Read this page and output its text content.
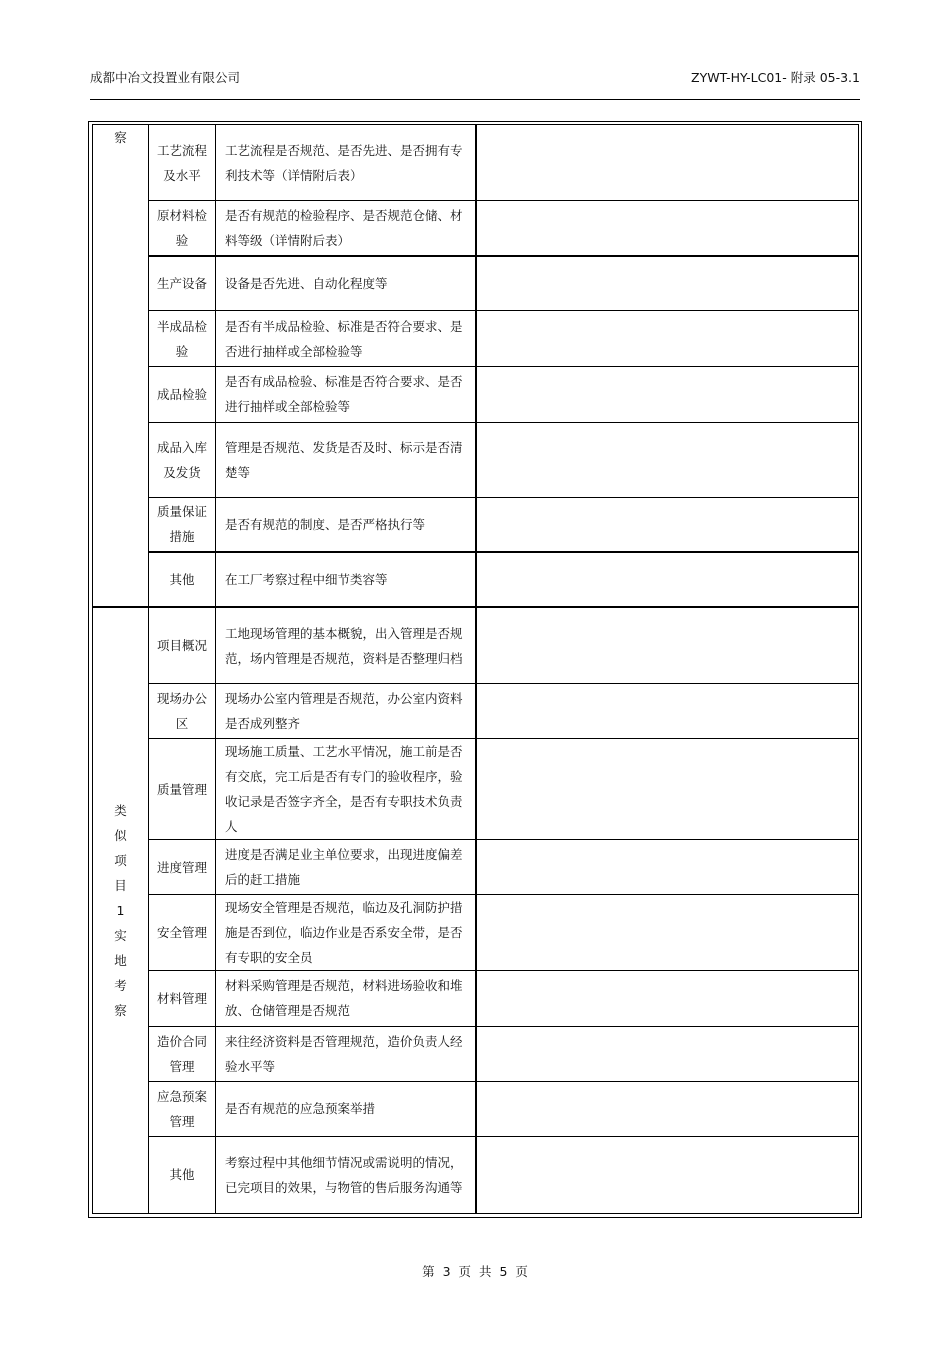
成都中冶文投置业有限公司	ZYWT-HY-LC01- 附录 05-3.1
察	工艺流程及水平	工艺流程是否规范、是否先进、是否拥有专利技术等（详情附后表）	
	原材料检验	是否有规范的检验程序、是否规范仓储、材料等级（详情附后表）	
	生产设备	设备是否先进、自动化程度等	
	半成品检验	是否有半成品检验、标准是否符合要求、是否进行抽样或全部检验等	
	成品检验	是否有成品检验、标准是否符合要求、是否进行抽样或全部检验等	
	成品入库及发货	管理是否规范、发货是否及时、标示是否清楚等	
	质量保证措施	是否有规范的制度、是否严格执行等	
	其他	在工厂考察过程中细节类容等	
类似项目1实地考察	项目概况	工地现场管理的基本概貌，出入管理是否规范，场内管理是否规范，资料是否整理归档	
	现场办公区	现场办公室内管理是否规范，办公室内资料是否成列整齐	
	质量管理	现场施工质量、工艺水平情况，施工前是否有交底，完工后是否有专门的验收程序，验收记录是否签字齐全，是否有专职技术负责人	
	进度管理	进度是否满足业主单位要求，出现进度偏差后的赶工措施	
	安全管理	现场安全管理是否规范，临边及孔洞防护措施是否到位，临边作业是否系安全带，是否有专职的安全员	
	材料管理	材料采购管理是否规范，材料进场验收和堆放、仓储管理是否规范	
	造价合同管理	来往经济资料是否管理规范，造价负责人经验水平等	
	应急预案管理	是否有规范的应急预案举措	
	其他	考察过程中其他细节情况或需说明的情况，已完项目的效果，与物管的售后服务沟通等	
第 3 页 共 5 页
